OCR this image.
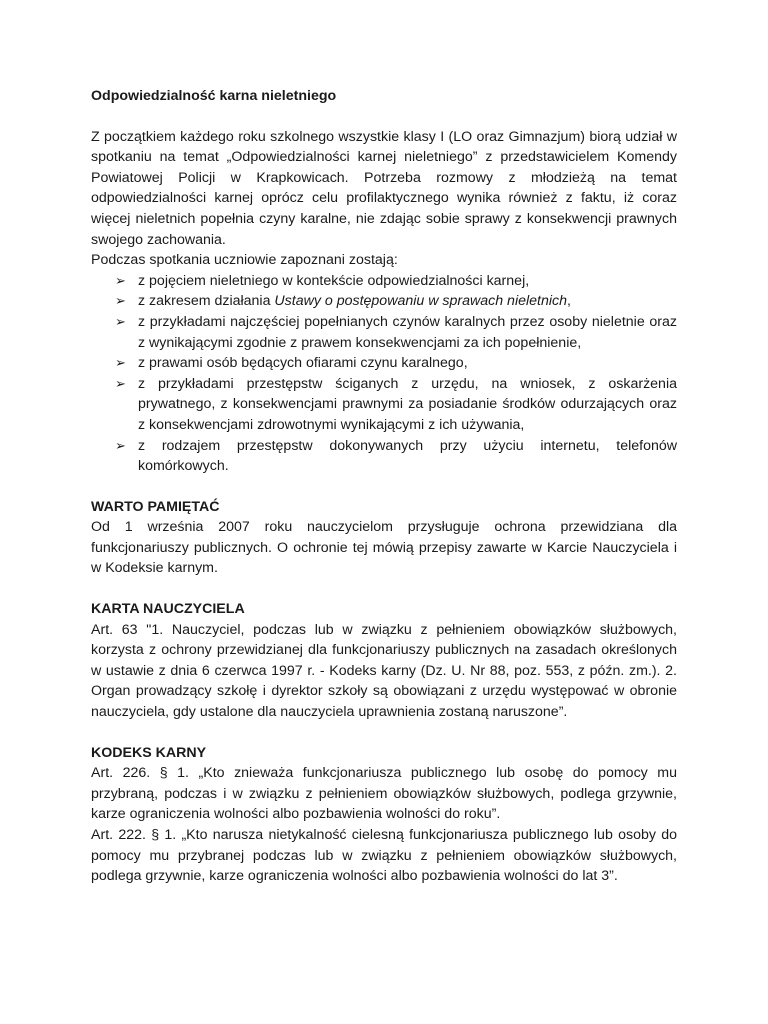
Odpowiedzialność karna nieletniego

Z początkiem każdego roku szkolnego wszystkie klasy I (LO oraz Gimnazjum) biorą udział w spotkaniu na temat „Odpowiedzialności karnej nieletniego” z przedstawicielem Komendy Powiatowej Policji w Krapkowicach. Potrzeba rozmowy z młodzieżą na temat odpowiedzialności karnej oprócz celu profilaktycznego wynika również z faktu, iż coraz więcej nieletnich popełnia czyny karalne, nie zdając sobie sprawy z konsekwencji prawnych swojego zachowania.

Podczas spotkania uczniowie zapoznani zostają:

➢ z pojęciem nieletniego w kontekście odpowiedzialności karnej,
➢ z zakresem działania Ustawy o postępowaniu w sprawach nieletnich,
➢ z przykładami najczęściej popełnianych czynów karalnych przez osoby nieletnie oraz z wynikającymi zgodnie z prawem konsekwencjami za ich popełnienie,
➢ z prawami osób będących ofiarami czynu karalnego,
➢ z przykładami przestępstw ściganych z urzędu, na wniosek, z oskarżenia prywatnego, z konsekwencjami prawnymi za posiadanie środków odurzających oraz z konsekwencjami zdrowotnymi wynikającymi z ich używania,
➢ z rodzajem przestępstw dokonywanych przy użyciu internetu, telefonów komórkowych.
WARTO PAMIĘTAĆ

Od 1 września 2007 roku nauczycielom przysługuje ochrona przewidziana dla funkcjonariuszy publicznych. O ochronie tej mówią przepisy zawarte w Karcie Nauczyciela i w Kodeksie karnym.

KARTA NAUCZYCIELA

Art. 63 "1. Nauczyciel, podczas lub w związku z pełnieniem obowiązków służbowych, korzysta z ochrony przewidzianej dla funkcjonariuszy publicznych na zasadach określonych w ustawie z dnia 6 czerwca 1997 r. - Kodeks karny (Dz. U. Nr 88, poz. 553, z późn. zm.). 2. Organ prowadzący szkołę i dyrektor szkoły są obowiązani z urzędu występować w obronie nauczyciela, gdy ustalone dla nauczyciela uprawnienia zostaną naruszone”.

KODEKS KARNY

Art. 226. § 1. „Kto znieważa funkcjonariusza publicznego lub osobę do pomocy mu przybraną, podczas i w związku z pełnieniem obowiązków służbowych, podlega grzywnie, karze ograniczenia wolności albo pozbawienia wolności do roku”.

Art. 222. § 1. „Kto narusza nietykalność cielesną funkcjonariusza publicznego lub osoby do pomocy mu przybranej podczas lub w związku z pełnieniem obowiązków służbowych, podlega grzywnie, karze ograniczenia wolności albo pozbawienia wolności do lat 3”.
